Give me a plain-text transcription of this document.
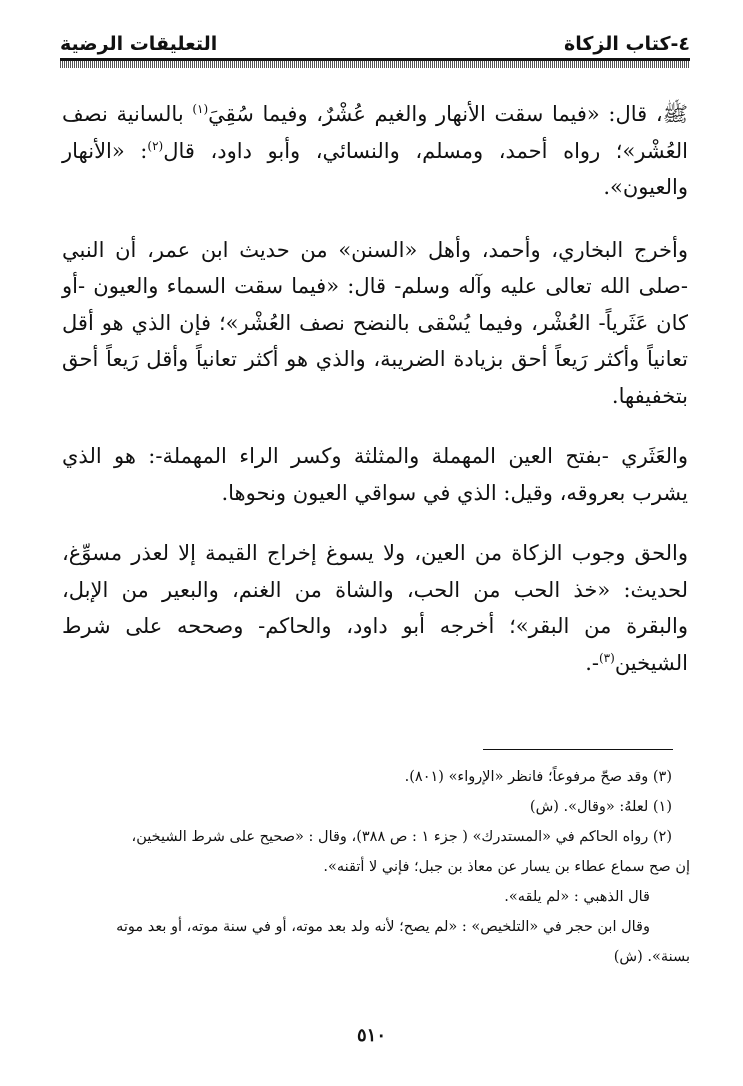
٤-كتاب الزكاة
التعليقات الرضية

ﷺ، قال: «فيما سقت الأنهار والغيم عُشْرٌ، وفيما سُقِيَ$^{(١)}$ بالسانية نصف العُشْر»؛ رواه أحمد، ومسلم، والنسائي، وأبو داود، قال$^{(٢)}$: «الأنهار والعيون».

وأخرج البخاري، وأحمد، وأهل «السنن» من حديث ابن عمر، أن النبي -صلى الله تعالى عليه وآله وسلم- قال: «فيما سقت السماء والعيون -أو كان عَثَرياً- العُشْر، وفيما يُسْقى بالنضح نصف العُشْر»؛ فإن الذي هو أقل تعانياً وأكثر رَيعاً أحق بزيادة الضريبة، والذي هو أكثر تعانياً وأقل رَيعاً أحق بتخفيفها.

والعَثَري -بفتح العين المهملة والمثلثة وكسر الراء المهملة-: هو الذي يشرب بعروقه، وقيل: الذي في سواقي العيون ونحوها.

والحق وجوب الزكاة من العين، ولا يسوغ إخراج القيمة إلا لعذر مسوِّغ، لحديث: «خذ الحب من الحب، والشاة من الغنم، والبعير من الإبل، والبقرة من البقر»؛ أخرجه أبو داود، والحاكم- وصححه على شرط الشيخين$^{(٣)}$-.

(٣) وقد صحّ مرفوعاً؛ فانظر «الإرواء» (٨٠١).

(١) لعلهُ: «وقال». (ش)

(٢) رواه الحاكم في «المستدرك» ( جزء ١ : ص ٣٨٨)، وقال : «صحيح على شرط الشيخين،

إن صح سماع عطاء بن يسار عن معاذ بن جبل؛ فإني لا أتقنه».

قال الذهبي : «لم يلقه».

وقال ابن حجر في «التلخيص» : «لم يصح؛ لأنه ولد بعد موته، أو في سنة موته، أو بعد موته

بسنة». (ش)

٥١٠
